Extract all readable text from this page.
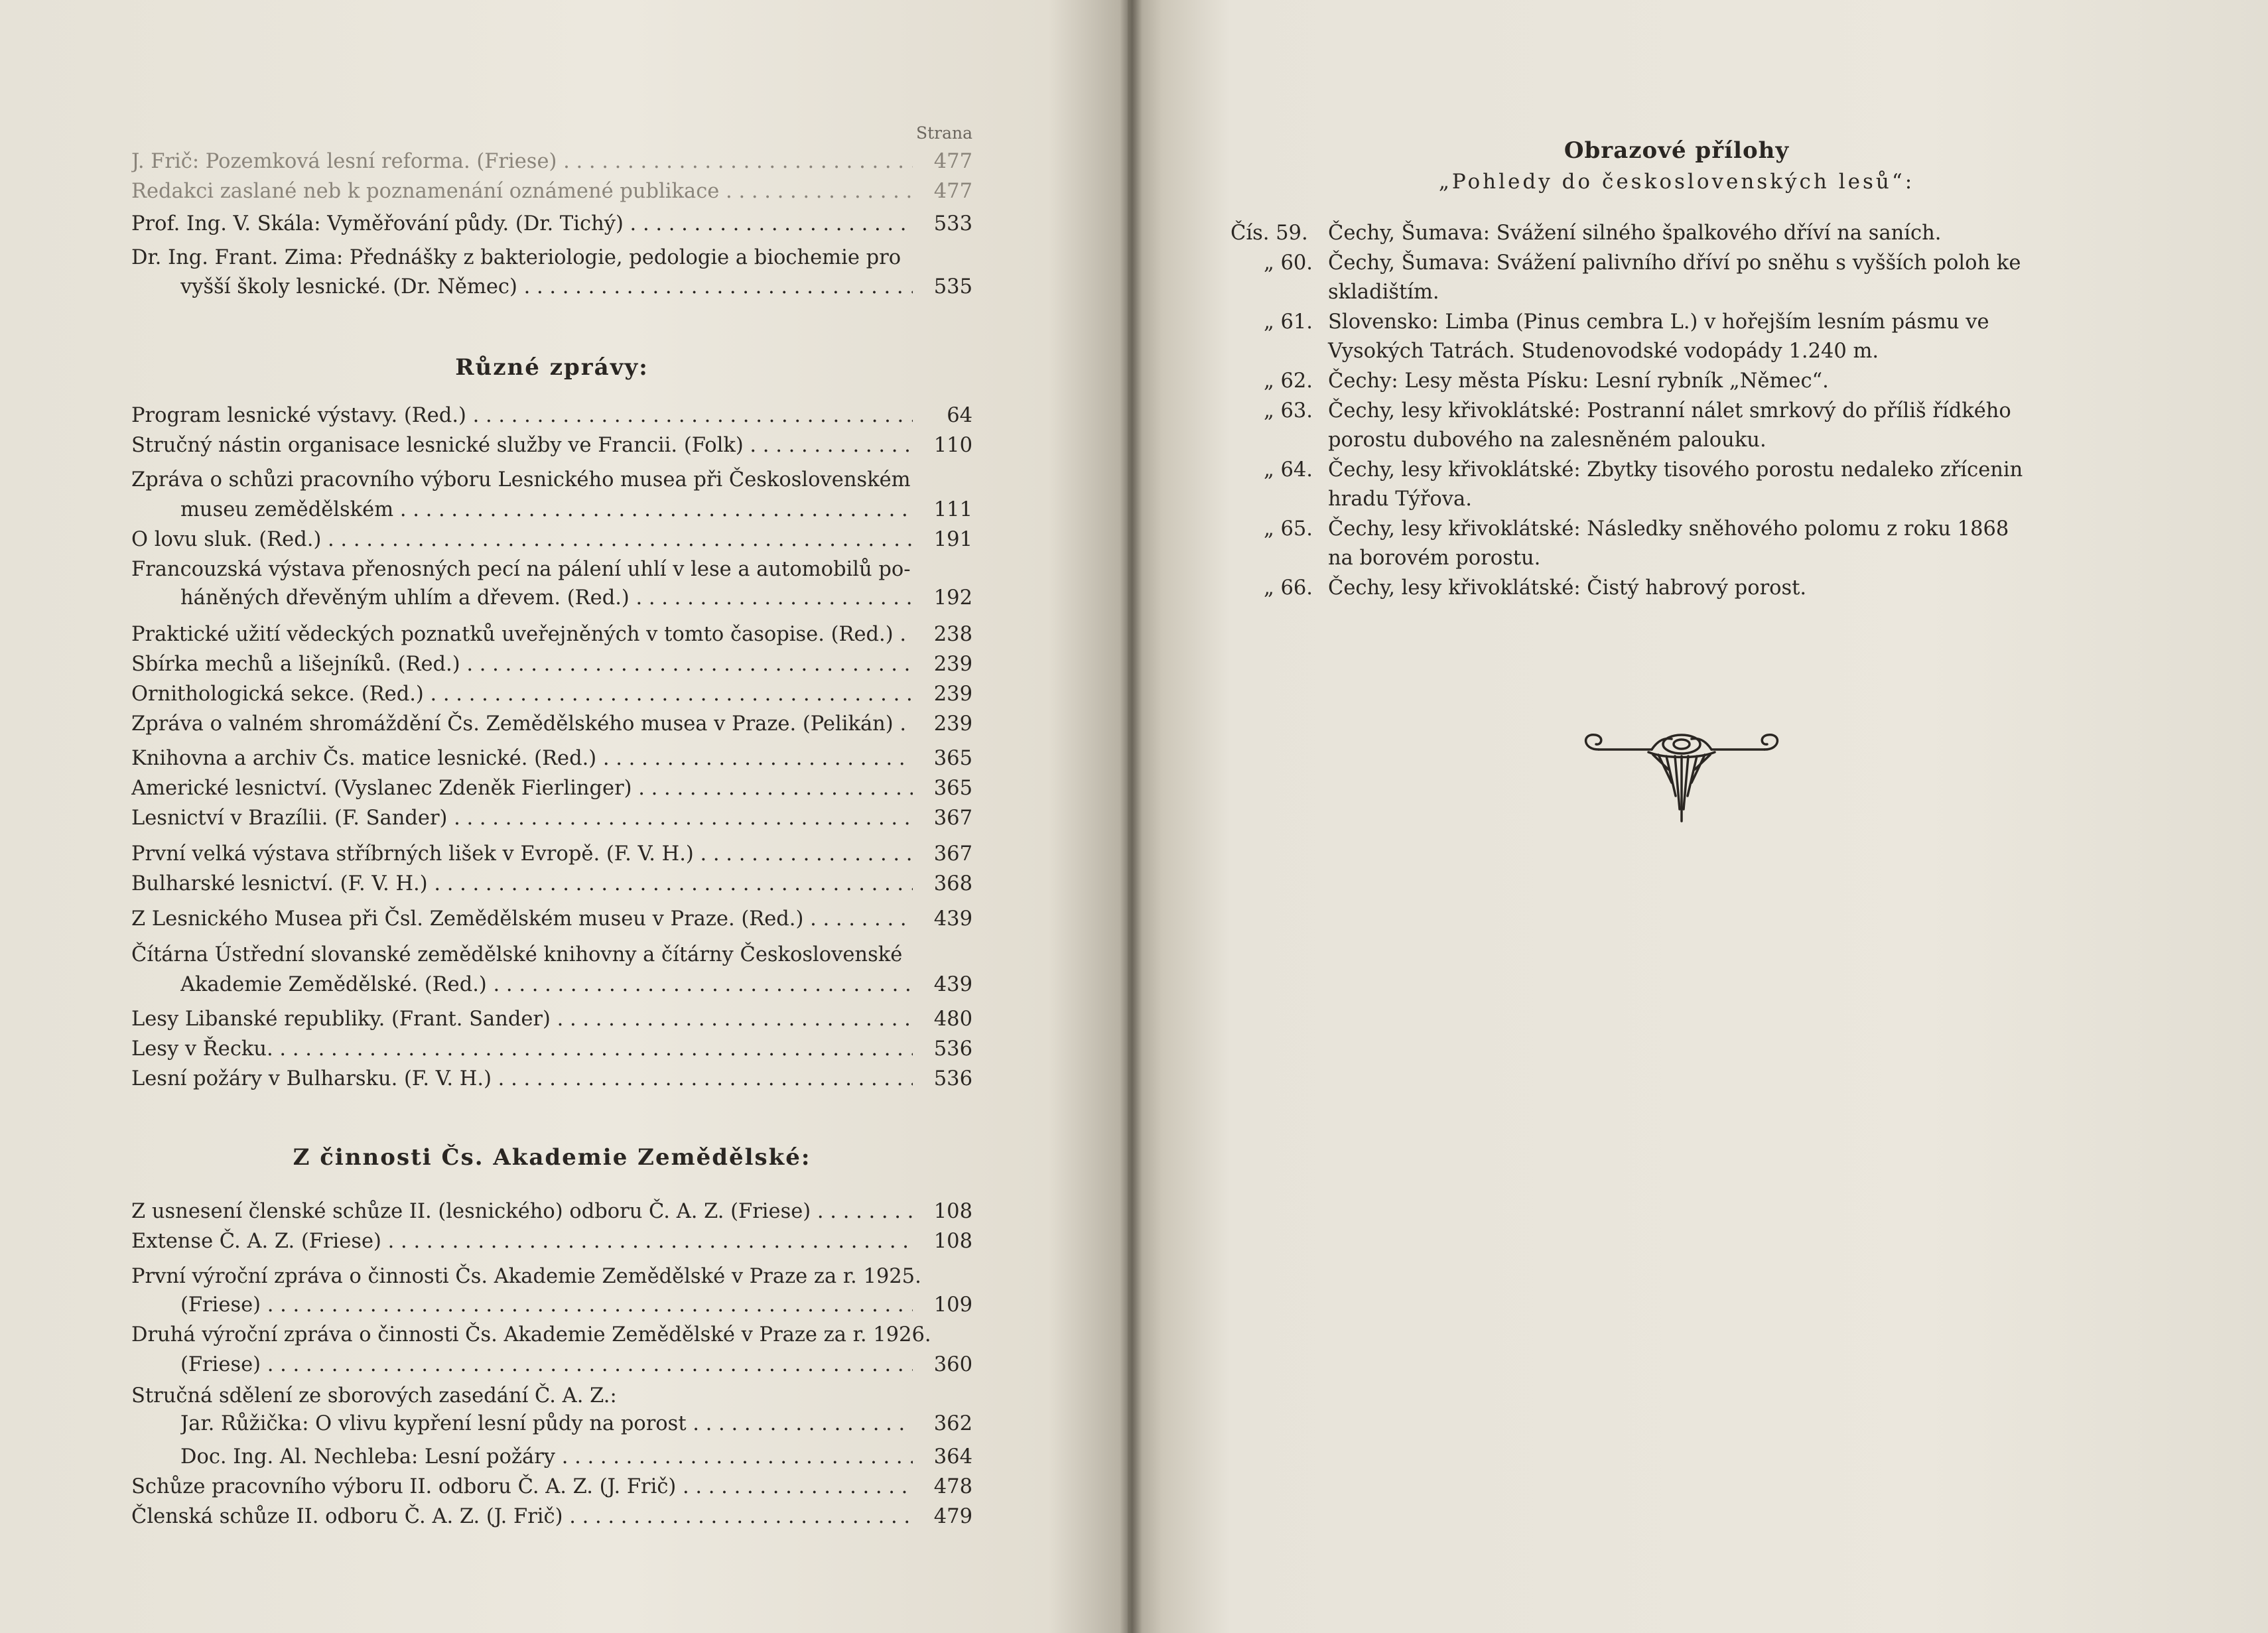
Strana
J. Frič: Pozemková lesní reforma. (Friese) . . .	477
Redakci zaslané neb k poznamenání oznámené publikace . . .	477
Prof. Ing. V. Skála: Vyměřování půdy. (Dr. Tichý) . . .	533
Dr. Ing. Frant. Zima: Přednášky z bakteriologie, pedologie a biochemie pro
vyšší školy lesnické. (Dr. Němec) . . .	535
Různé zprávy:
Program lesnické výstavy. (Red.) . . .	64
Stručný nástin organisace lesnické služby ve Francii. (Folk) . . .	110
Zpráva o schůzi pracovního výboru Lesnického musea při Československém
museu zemědělském . . .	111
O lovu sluk. (Red.) . . .	191
Francouzská výstava přenosných pecí na pálení uhlí v lese a automobilů po-
háněných dřevěným uhlím a dřevem. (Red.) . . .	192
Praktické užití vědeckých poznatků uveřejněných v tomto časopise. (Red.) . . .	238
Sbírka mechů a lišejníků. (Red.) . . .	239
Ornithologická sekce. (Red.) . . .	239
Zpráva o valném shromáždění Čs. Zemědělského musea v Praze. (Pelikán) . . .	239
Knihovna a archiv Čs. matice lesnické. (Red.) . . .	365
Americké lesnictví. (Vyslanec Zdeněk Fierlinger) . . .	365
Lesnictví v Brazílii. (F. Sander) . . .	367
První velká výstava stříbrných lišek v Evropě. (F. V. H.) . . .	367
Bulharské lesnictví. (F. V. H.) . . .	368
Z Lesnického Musea při Čsl. Zemědělském museu v Praze. (Red.) . . .	439
Čítárna Ústřední slovanské zemědělské knihovny a čítárny Československé
Akademie Zemědělské. (Red.) . . .	439
Lesy Libanské republiky. (Frant. Sander) . . .	480
Lesy v Řecku. . . .	536
Lesní požáry v Bulharsku. (F. V. H.) . . .	536
Z činnosti Čs. Akademie Zemědělské:
Z usnesení členské schůze II. (lesnického) odboru Č. A. Z. (Friese) . . .	108
Extense Č. A. Z. (Friese) . . .	108
První výroční zpráva o činnosti Čs. Akademie Zemědělské v Praze za r. 1925.
(Friese) . . .	109
Druhá výroční zpráva o činnosti Čs. Akademie Zemědělské v Praze za r. 1926.
(Friese) . . .	360
Stručná sdělení ze sborových zasedání Č. A. Z.:
Jar. Růžička: O vlivu kypření lesní půdy na porost . . .	362
Doc. Ing. Al. Nechleba: Lesní požáry . . .	364
Schůze pracovního výboru II. odboru Č. A. Z. (J. Frič) . . .	478
Členská schůze II. odboru Č. A. Z. (J. Frič) . . .	479
Obrazové přílohy
„Pohledy do československých lesů“:
Čís. 59. Čechy, Šumava: Svážení silného špalkového dříví na saních.
„ 60. Čechy, Šumava: Svážení palivního dříví po sněhu s vyšších poloh ke skladištím.
„ 61. Slovensko: Limba (Pinus cembra L.) v hořejším lesním pásmu ve Vysokých Tatrách. Studenovodské vodopády 1.240 m.
„ 62. Čechy: Lesy města Písku: Lesní rybník „Němec“.
„ 63. Čechy, lesy křivoklátské: Postranní nálet smrkový do příliš řídkého porostu dubového na zalesněném palouku.
„ 64. Čechy, lesy křivoklátské: Zbytky tisového porostu nedaleko zřícenin hradu Týřova.
„ 65. Čechy, lesy křivoklátské: Následky sněhového polomu z roku 1868 na borovém porostu.
„ 66. Čechy, lesy křivoklátské: Čistý habrový porost.
